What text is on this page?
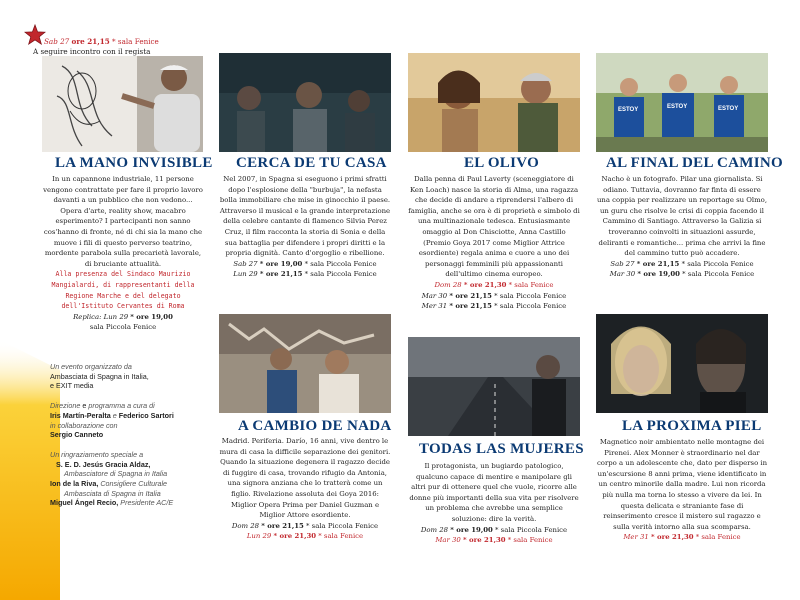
Sab 27 ore 21,15 * sala Fenice
A seguire incontro con il regista
ESTOY	ESTOY	ESTOY
LA MANO INVISIBLE

In un capannone industriale, 11 persone vengono contrattate per fare il proprio lavoro davanti a un pubblico che non vedono... Opera d'arte, reality show, macabro esperimento? I partecipanti non sanno cos'hanno di fronte, né di chi sia la mano che muove i fili di questo perverso teatrino, mordente parabola sulla precarietà lavorale, di bruciante attualità.

Alla presenza del Sindaco Maurizio Mangialardi, di rappresentanti della Regione Marche e del delegato dell'Istituto Cervantes di Roma

Replica: Lun 29 * ore 19,00
sala Piccola Fenice

CERCA DE TU CASA

Nel 2007, in Spagna si eseguono i primi sfratti dopo l'esplosione della "burbuja", la nefasta bolla immobiliare che mise in ginocchio il paese. Attraverso il musical e la grande interpretazione della celebre cantante di flamenco Silvia Perez Cruz, il film racconta la storia di Sonia e della sua battaglia per difendere i propri diritti e la propria dignità. Canto d'orgoglio e ribellione.

Sab 27 * ore 19,00 * sala Piccola Fenice

Lun 29 * ore 21,15 * sala Piccola Fenice

EL OLIVO

Dalla penna di Paul Laverty (sceneggiatore di Ken Loach) nasce la storia di Alma, una ragazza che decide di andare a riprendersi l'albero di famiglia, anche se ora è di proprietà e simbolo di una multinazionale tedesca. Entusiasmante omaggio al Don Chisciotte, Anna Castillo (Premio Goya 2017 come Miglior Attrice esordiente) regala anima e cuore a uno dei personaggi femminili più appassionanti dell'ultimo cinema europeo.

Dom 28 * ore 21,30 * sala Fenice

Mar 30 * ore 21,15 * sala Piccola Fenice

Mer 31 * ore 21,15 * sala Piccola Fenice

AL FINAL DEL CAMINO

Nacho è un fotografo. Pilar una giornalista. Si odiano. Tuttavia, dovranno far finta di essere una coppia per realizzare un reportage su Olmo, un guru che risolve le crisi di coppia facendo il Cammino di Santiago. Attraverso la Galizia si troveranno coinvolti in situazioni assurde, deliranti e romantiche... prima che arrivi la fine del cammino tutto può accadere.

Sab 27 * ore 21,15 * sala Piccola Fenice

Mar 30 * ore 19,00 * sala Piccola Fenice

A CAMBIO DE NADA

Madrid. Periferia. Darío, 16 anni, vive dentro le mura di casa la difficile separazione dei genitori. Quando la situazione degenera il ragazzo decide di fuggire di casa, trovando rifugio da Antonia, una signora anziana che lo tratterà come un figlio. Rivelazione assoluta dei Goya 2016: Miglior Opera Prima per Daniel Guzman e Miglior Attore esordiente.

Dom 28 * ore 21,15 * sala Piccola Fenice

Lun 29 * ore 21,30 * sala Fenice

TODAS LAS MUJERES

Il protagonista, un bugiardo patologico, qualcuno capace di mentire e manipolare gli altri pur di ottenere quel che vuole, ricorre alle donne più importanti della sua vita per risolvere un problema che avrebbe una semplice soluzione: dire la verità.

Dom 28 * ore 19,00 * sala Piccola Fenice

Mar 30 * ore 21,30 * sala Fenice

LA PROXIMA PIEL

Magnetico noir ambientato nelle montagne dei Pirenei. Alex Monner è straordinario nel dar corpo a un adolescente che, dato per disperso in un'escursione 8 anni prima, viene identificato in un centro minorile dalla madre. Lui non ricorda più nulla ma torna lo stesso a vivere da lei. In questa delicata e straniante fase di reinserimento cresce il mistero sul ragazzo e sulla verità intorno alla sua scomparsa.

Mer 31 * ore 21,30 * sala Fenice

Un evento organizzato da
Ambasciata di Spagna in Italia,
e EXIT media
Direzione e programma a cura di
Iris Martín-Peralta e Federico Sartori
in collaborazione con
Sergio Canneto
Un ringraziamento speciale a
S. E. D. Jesús Gracia Aldaz,
Ambasciatore di Spagna in Italia
Ion de la Riva, Consigliere Culturale
Ambasciata di Spagna in Italia
Miguel Ángel Recio, Presidente AC/E
